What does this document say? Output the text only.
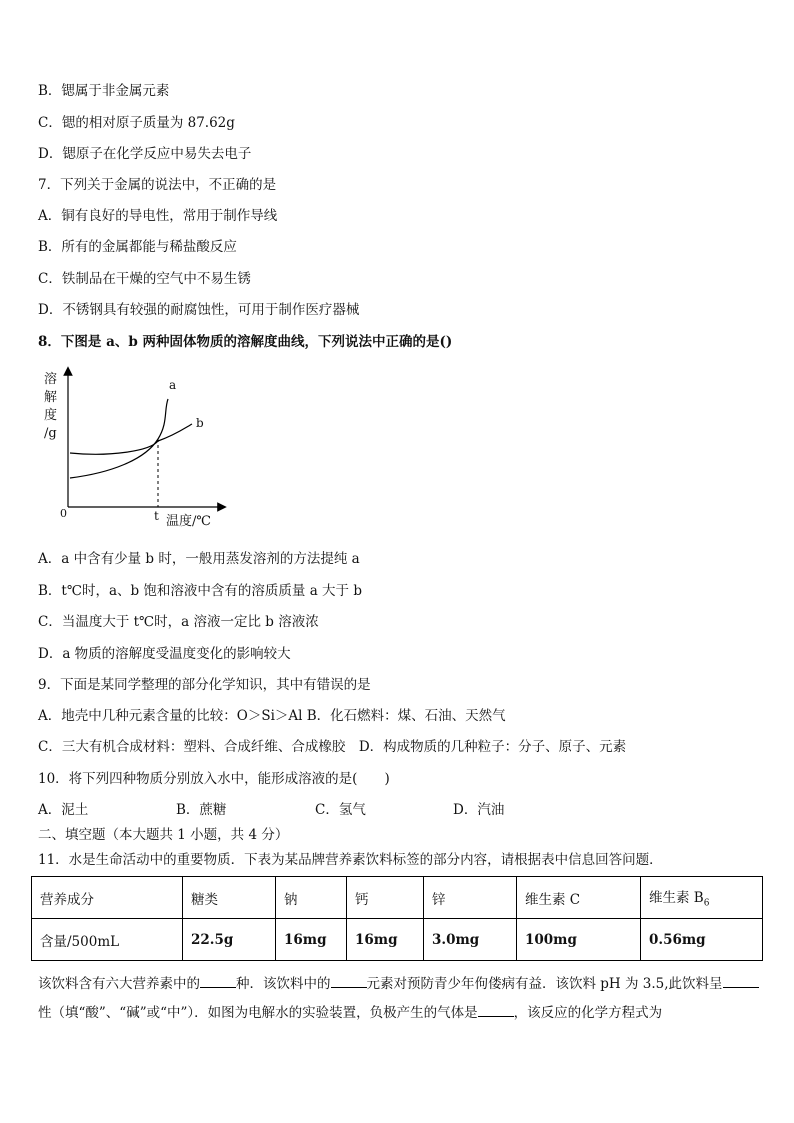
B．锶属于非金属元素
C．锶的相对原子质量为 87.62g
D．锶原子在化学反应中易失去电子
7．下列关于金属的说法中，不正确的是
A．铜有良好的导电性，常用于制作导线
B．所有的金属都能与稀盐酸反应
C．铁制品在干燥的空气中不易生锈
D．不锈钢具有较强的耐腐蚀性，可用于制作医疗器械
8．下图是 a、b 两种固体物质的溶解度曲线，下列说法中正确的是()
溶
解
度
/g
0	t 温度/℃
a
b
A．a 中含有少量 b 时，一般用蒸发溶剂的方法提纯 a
B．t℃时，a、b 饱和溶液中含有的溶质质量 a 大于 b
C．当温度大于 t℃时，a 溶液一定比 b 溶液浓
D．a 物质的溶解度受温度变化的影响较大
9．下面是某同学整理的部分化学知识，其中有错误的是
A．地壳中几种元素含量的比较：O＞Si＞Al B．化石燃料：煤、石油、天然气
C．三大有机合成材料：塑料、合成纤维、合成橡胶　D．构成物质的几种粒子：分子、原子、元素
10．将下列四种物质分别放入水中，能形成溶液的是(　　)
A．泥土	B．蔗糖	C．氢气	D．汽油
二、填空题（本大题共 1 小题，共 4 分）
11．水是生命活动中的重要物质．下表为某品牌营养素饮料标签的部分内容，请根据表中信息回答问题．
营养成分	糖类	钠	钙	锌	维生素 C	维生素 $B_6$
含量/500mL	22.5g	16mg	16mg	3.0mg	100mg	0.56mg
该饮料含有六大营养素中的	种．该饮料中的	元素对预防青少年佝偻病有益．该饮料 pH 为 3.5,此饮料呈
性（填“酸”、“碱”或“中”）．如图为电解水的实验装置，负极产生的气体是	，该反应的化学方程式为
